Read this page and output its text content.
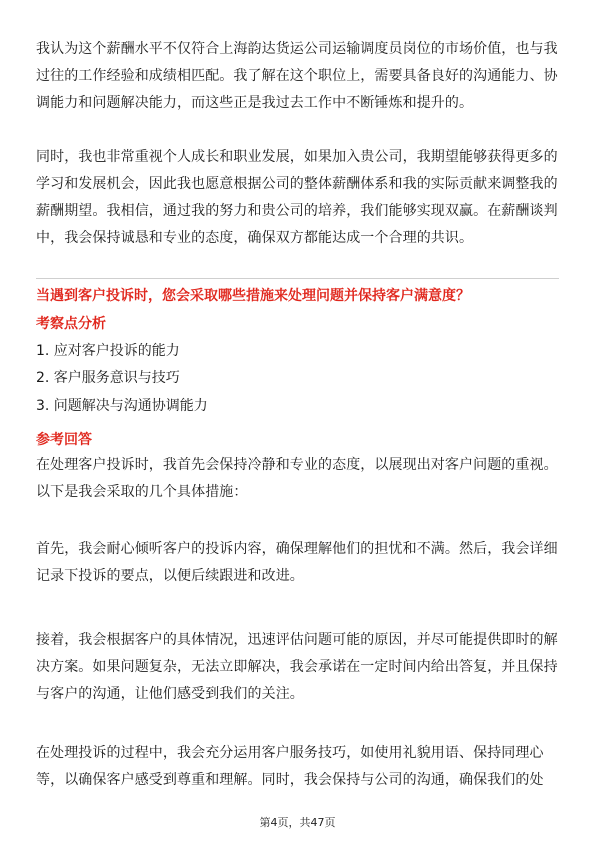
我认为这个薪酬水平不仅符合上海韵达货运公司运输调度员岗位的市场价值，也与我过往的工作经验和成绩相匹配。我了解在这个职位上，需要具备良好的沟通能力、协调能力和问题解决能力，而这些正是我过去工作中不断锤炼和提升的。

同时，我也非常重视个人成长和职业发展，如果加入贵公司，我期望能够获得更多的学习和发展机会，因此我也愿意根据公司的整体薪酬体系和我的实际贡献来调整我的薪酬期望。我相信，通过我的努力和贵公司的培养，我们能够实现双赢。在薪酬谈判中，我会保持诚恳和专业的态度，确保双方都能达成一个合理的共识。

当遇到客户投诉时，您会采取哪些措施来处理问题并保持客户满意度？

考察点分析

1. 应对客户投诉的能力

2. 客户服务意识与技巧

3. 问题解决与沟通协调能力

参考回答

在处理客户投诉时，我首先会保持冷静和专业的态度，以展现出对客户问题的重视。以下是我会采取的几个具体措施：

首先，我会耐心倾听客户的投诉内容，确保理解他们的担忧和不满。然后，我会详细记录下投诉的要点，以便后续跟进和改进。

接着，我会根据客户的具体情况，迅速评估问题可能的原因，并尽可能提供即时的解决方案。如果问题复杂，无法立即解决，我会承诺在一定时间内给出答复，并且保持与客户的沟通，让他们感受到我们的关注。

在处理投诉的过程中，我会充分运用客户服务技巧，如使用礼貌用语、保持同理心等，以确保客户感受到尊重和理解。同时，我会保持与公司的沟通，确保我们的处

第4页，共47页
